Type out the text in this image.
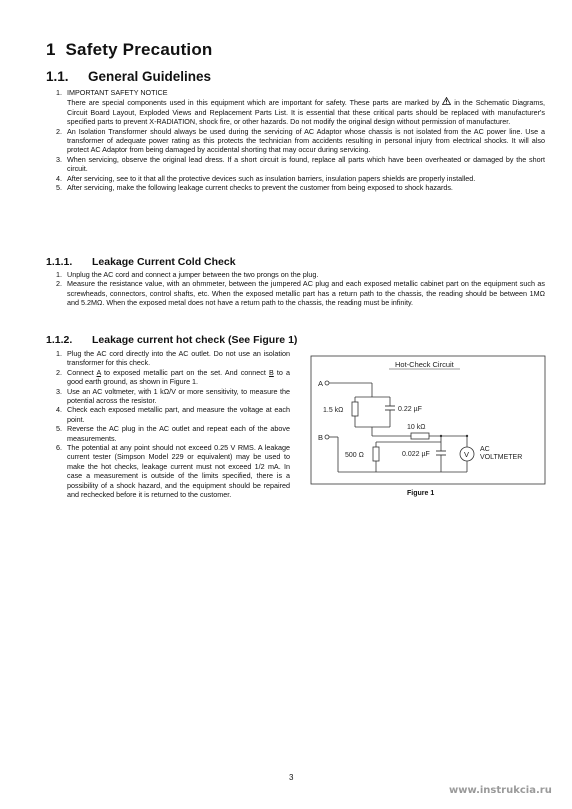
1 Safety Precaution
1.1. General Guidelines
1. IMPORTANT SAFETY NOTICE
There are special components used in this equipment which are important for safety. These parts are marked by in the Schematic Diagrams, Circuit Board Layout, Exploded Views and Replacement Parts List. It is essential that these critical parts should be replaced with manufacturer's specified parts to prevent X-RADIATION, shock fire, or other hazards. Do not modify the original design without permission of manufacturer.
2. An Isolation Transformer should always be used during the servicing of AC Adaptor whose chassis is not isolated from the AC power line. Use a transformer of adequate power rating as this protects the technician from accidents resulting in personal injury from electrical shocks. It will also protect AC Adaptor from being damaged by accidental shorting that may occur during servicing.
3. When servicing, observe the original lead dress. If a short circuit is found, replace all parts which have been overheated or damaged by the short circuit.
4. After servicing, see to it that all the protective devices such as insulation barriers, insulation papers shields are properly installed.
5. After servicing, make the following leakage current checks to prevent the customer from being exposed to shock hazards.
1.1.1. Leakage Current Cold Check
1. Unplug the AC cord and connect a jumper between the two prongs on the plug.
2. Measure the resistance value, with an ohmmeter, between the jumpered AC plug and each exposed metallic cabinet part on the equipment such as screwheads, connectors, control shafts, etc. When the exposed metallic part has a return path to the chassis, the reading should be between 1MΩ and 5.2MΩ. When the exposed metal does not have a return path to the chassis, the reading must be infinity.
1.1.2. Leakage current hot check (See Figure 1)
1. Plug the AC cord directly into the AC outlet. Do not use an isolation transformer for this check.
2. Connect A to exposed metallic part on the set. And connect B to a good earth ground, as shown in Figure 1.
3. Use an AC voltmeter, with 1 kΩ/V or more sensitivity, to measure the potential across the resistor.
4. Check each exposed metallic part, and measure the voltage at each point.
5. Reverse the AC plug in the AC outlet and repeat each of the above measurements.
6. The potential at any point should not exceed 0.25 V RMS. A leakage current tester (Simpson Model 229 or equivalent) may be used to make the hot checks, leakage current must not exceed 1/2 mA. In case a measurement is outside of the limits specified, there is a possibility of a shock hazard, and the equipment should be repaired and rechecked before it is returned to the customer.
Hot-Check Circuit
A
1.5 kΩ	0.22 µF
10 kΩ
B
500 Ω	0.022 µF	V
AC
VOLTMETER
Figure 1
3
www.instrukcia.ru
